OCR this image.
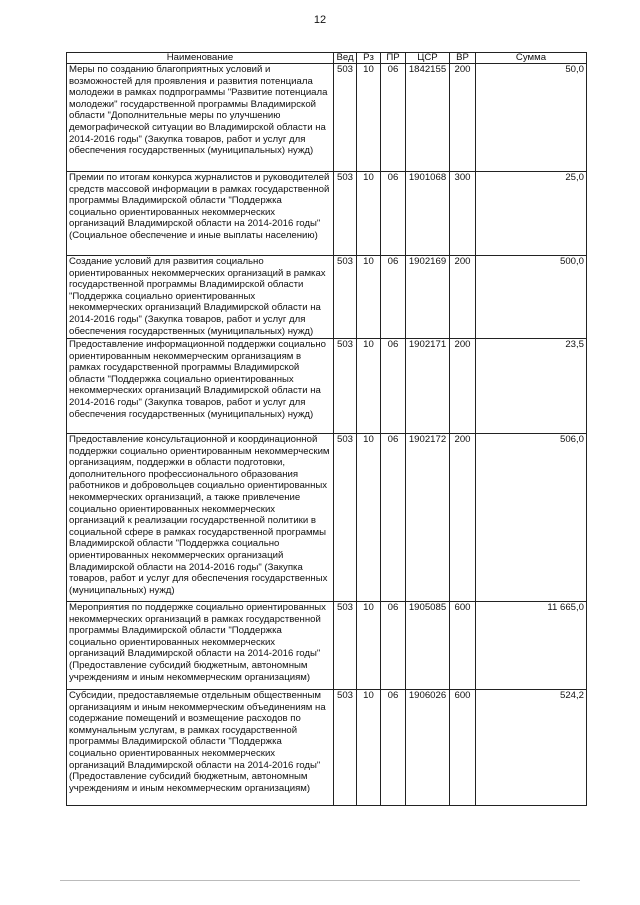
12
Наименование	Вед	Рз	ПР	ЦСР	ВР	Сумма
Меры по созданию благоприятных условий и возможностей для проявления и развития потенциала молодежи в рамках подпрограммы "Развитие потенциала молодежи" государственной программы Владимирской области "Дополнительные меры по улучшению демографической ситуации во Владимирской области на 2014-2016 годы" (Закупка товаров, работ и услуг для обеспечения государственных (муниципальных) нужд)	503	10	06	1842155	200	50,0
Премии по итогам конкурса журналистов и руководителей средств массовой информации в рамках государственной программы Владимирской области "Поддержка социально ориентированных некоммерческих организаций Владимирской области на 2014-2016 годы" (Социальное обеспечение и иные выплаты населению)	503	10	06	1901068	300	25,0
Создание условий для развития социально ориентированных некоммерческих организаций в рамках государственной программы Владимирской области "Поддержка социально ориентированных некоммерческих организаций Владимирской области на 2014-2016 годы" (Закупка товаров, работ и услуг для обеспечения государственных (муниципальных) нужд)	503	10	06	1902169	200	500,0
Предоставление информационной поддержки социально ориентированным некоммерческим организациям в рамках государственной программы Владимирской области "Поддержка социально ориентированных некоммерческих организаций Владимирской области на 2014-2016 годы" (Закупка товаров, работ и услуг для обеспечения государственных (муниципальных) нужд)	503	10	06	1902171	200	23,5
Предоставление консультационной и координационной поддержки социально ориентированным некоммерческим организациям, поддержки в области подготовки, дополнительного профессионального образования работников и добровольцев социально ориентированных некоммерческих организаций, а также привлечение социально ориентированных некоммерческих организаций к реализации государственной политики в социальной сфере в рамках государственной программы Владимирской области "Поддержка социально ориентированных некоммерческих организаций Владимирской области на 2014-2016 годы" (Закупка товаров, работ и услуг для обеспечения государственных (муниципальных) нужд)	503	10	06	1902172	200	506,0
Мероприятия по поддержке социально ориентированных некоммерческих организаций в рамках государственной программы Владимирской области "Поддержка социально ориентированных некоммерческих организаций Владимирской области на 2014-2016 годы" (Предоставление субсидий бюджетным, автономным учреждениям и иным некоммерческим организациям)	503	10	06	1905085	600	11 665,0
Субсидии, предоставляемые отдельным общественным организациям и иным некоммерческим объединениям на содержание помещений и возмещение расходов по коммунальным услугам, в рамках государственной программы Владимирской области "Поддержка социально ориентированных некоммерческих организаций Владимирской области на 2014-2016 годы" (Предоставление субсидий бюджетным, автономным учреждениям и иным некоммерческим организациям)	503	10	06	1906026	600	524,2
